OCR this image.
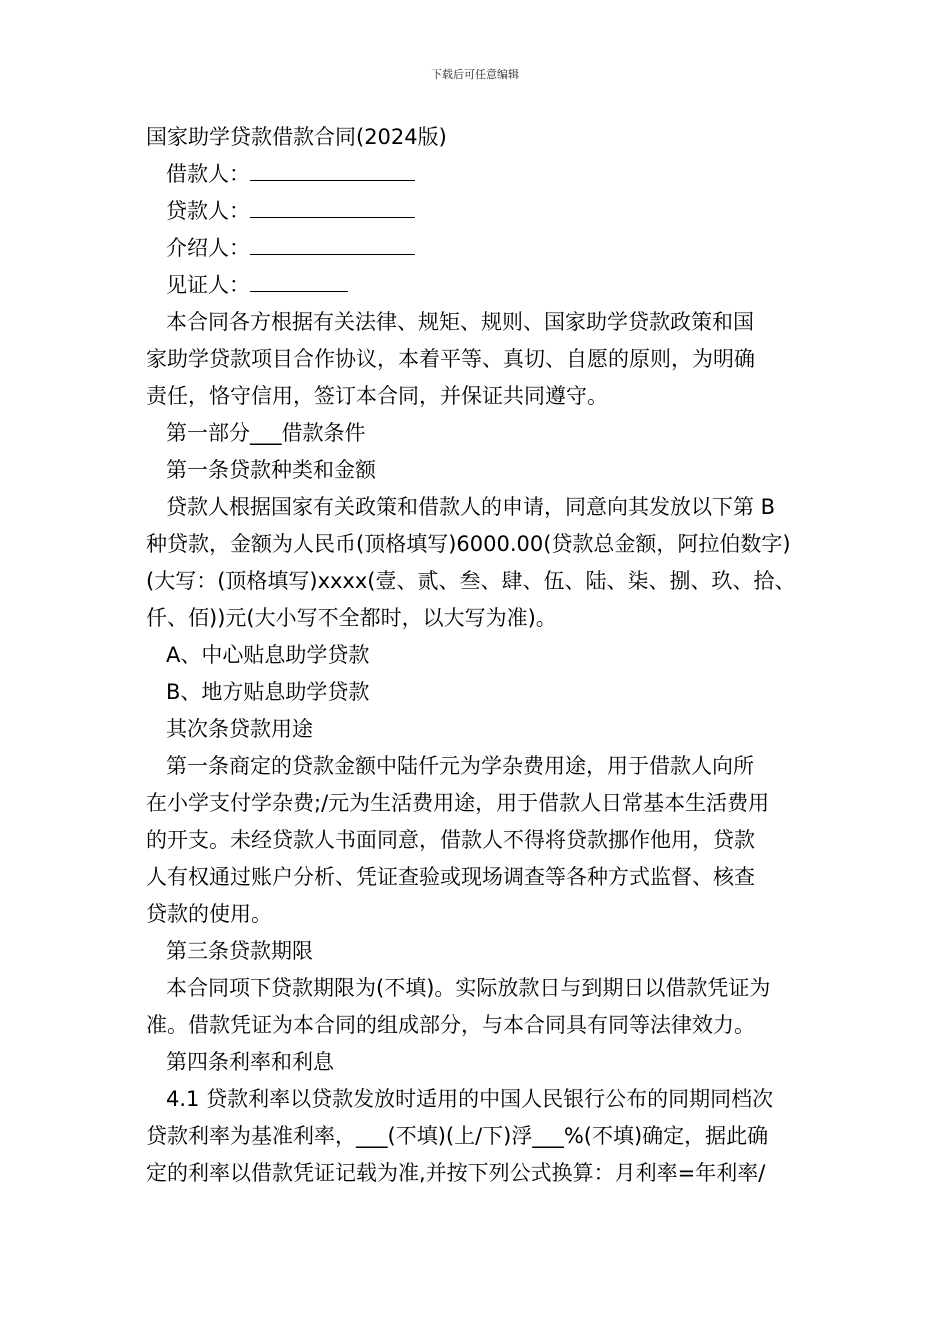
下载后可任意编辑

国家助学贷款借款合同(2024版)

借款人：

贷款人：

介绍人：

见证人：

本合同各方根据有关法律、规矩、规则、国家助学贷款政策和国

家助学贷款项目合作协议，本着平等、真切、自愿的原则，为明确

责任，恪守信用，签订本合同，并保证共同遵守。

第一部分___借款条件

第一条贷款种类和金额

贷款人根据国家有关政策和借款人的申请，同意向其发放以下第 B

种贷款，金额为人民币(顶格填写)6000.00(贷款总金额，阿拉伯数字)

(大写：(顶格填写)xxxx(壹、贰、叁、肆、伍、陆、柒、捌、玖、拾、

仟、佰))元(大小写不全都时，以大写为准)。

A、中心贴息助学贷款

B、地方贴息助学贷款

其次条贷款用途

第一条商定的贷款金额中陆仟元为学杂费用途，用于借款人向所

在小学支付学杂费;/元为生活费用途，用于借款人日常基本生活费用

的开支。未经贷款人书面同意，借款人不得将贷款挪作他用，贷款

人有权通过账户分析、凭证查验或现场调查等各种方式监督、核查

贷款的使用。

第三条贷款期限

本合同项下贷款期限为(不填)。实际放款日与到期日以借款凭证为

准。借款凭证为本合同的组成部分，与本合同具有同等法律效力。

第四条利率和利息

4.1 贷款利率以贷款发放时适用的中国人民银行公布的同期同档次

贷款利率为基准利率，___(不填)(上/下)浮___%(不填)确定，据此确

定的利率以借款凭证记载为准,并按下列公式换算：月利率=年利率/
